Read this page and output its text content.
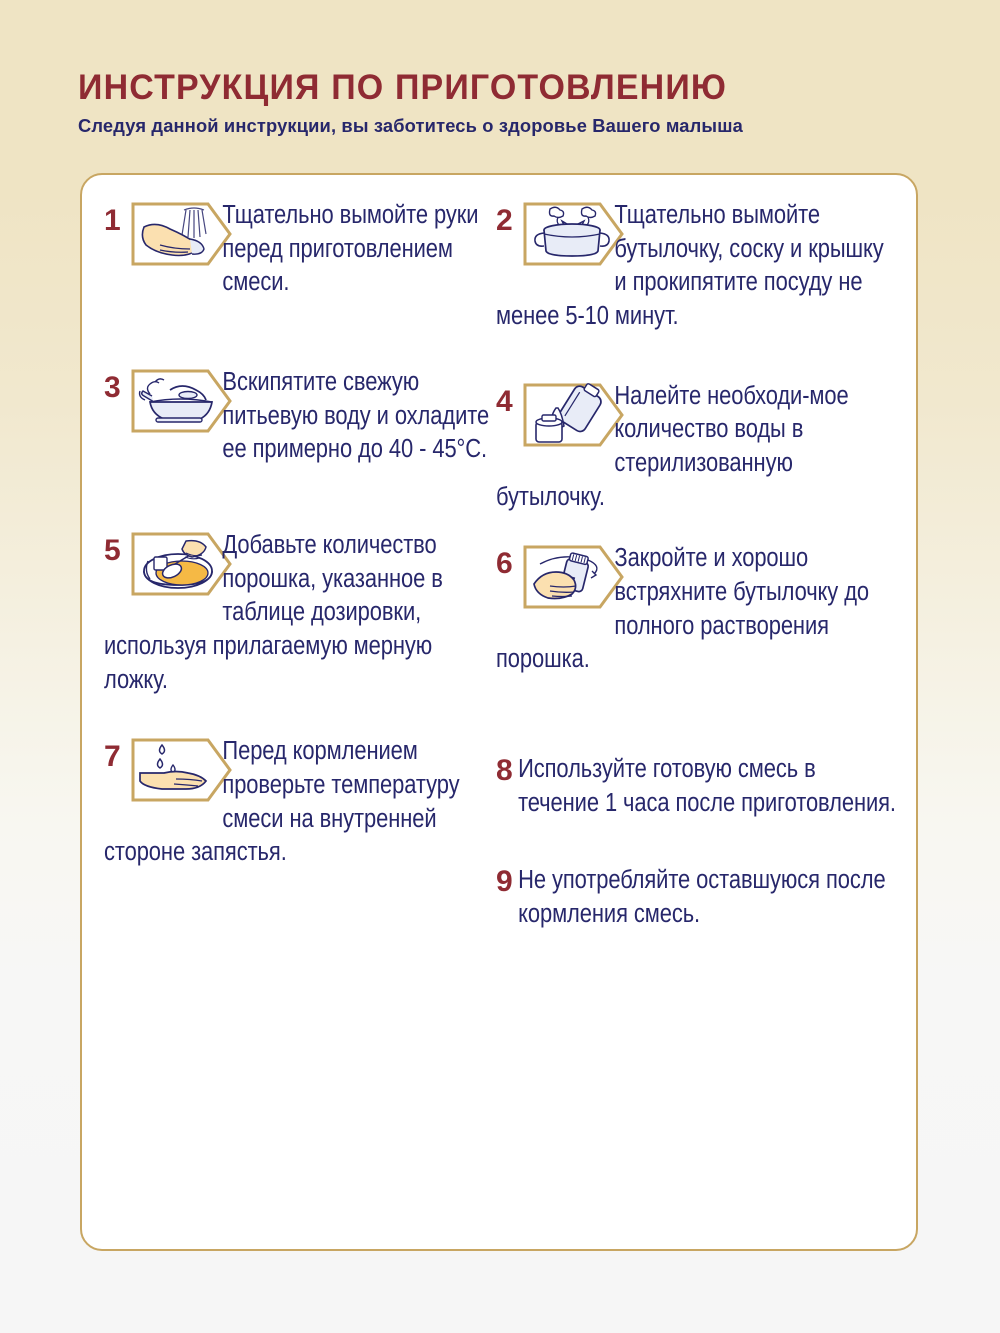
ИНСТРУКЦИЯ ПО ПРИГОТОВЛЕНИЮ

Следуя данной инструкции, вы заботитесь о здоровье Вашего малыша

1	Тщательно вымойте руки перед приготовлением смеси.
3	Вскипятите свежую питьевую воду и охладите ее примерно до 40 - 45°C.
5	Добавьте количество порошка, указанное в таблице дозировки, используя прилагаемую мерную ложку.
7	Перед кормлением проверьте температуру смеси на внутренней стороне запястья.
2	Тщательно вымойте бутылочку, соску и крышку и прокипятите посуду не менее 5-10 минут.
4	Налейте необходи-мое количество воды в стерилизованную бутылочку.
6	Закройте и хорошо встряхните бутылочку до полного растворения порошка.
8 Используйте готовую смесь в течение 1 часа после приготовления.
9 Не употребляйте оставшуюся после кормления смесь.
